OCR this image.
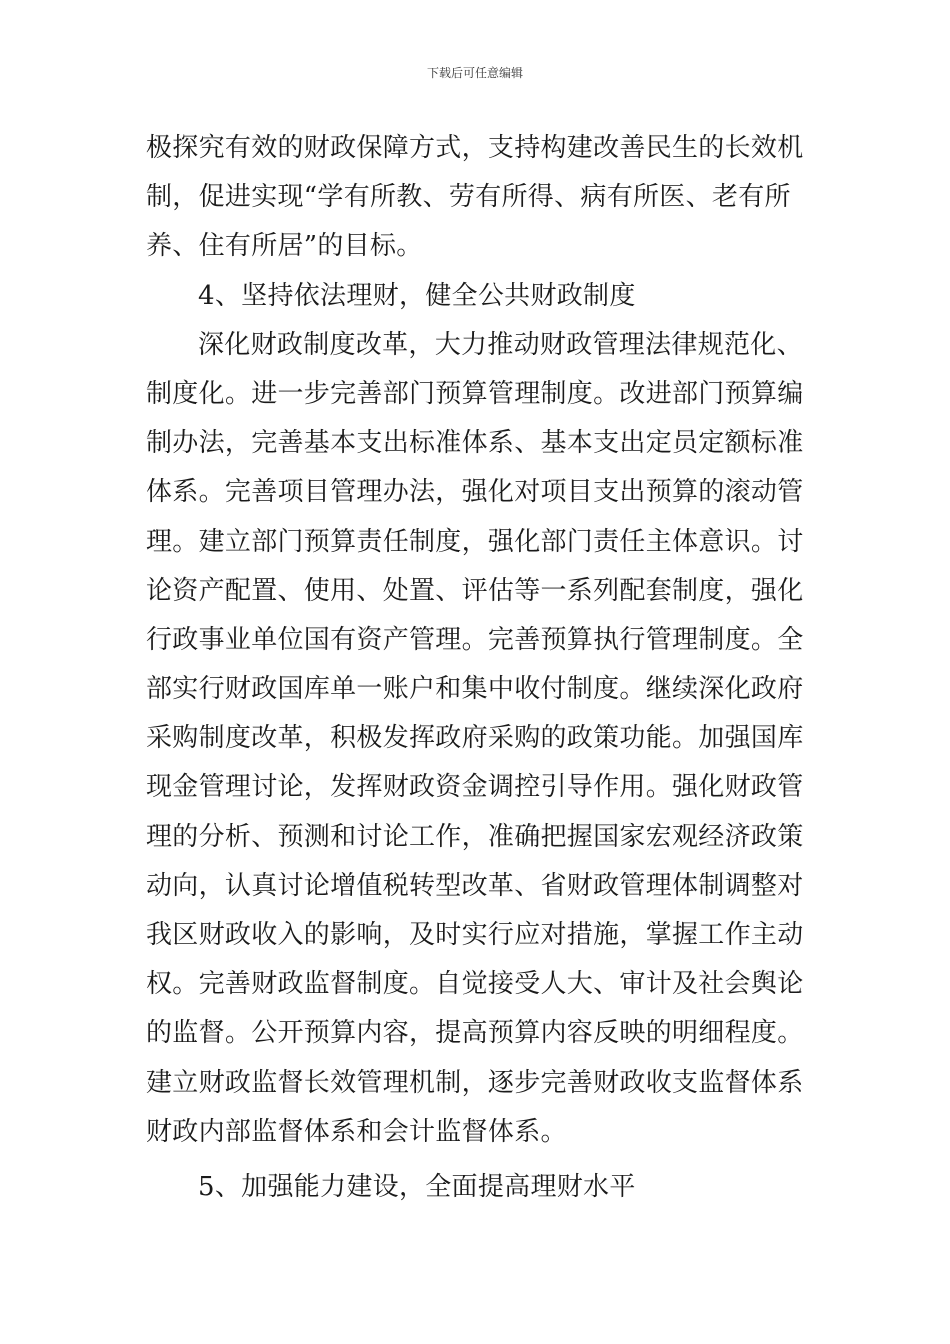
下载后可任意编辑
极探究有效的财政保障方式，支持构建改善民生的长效机
制，促进实现“学有所教、劳有所得、病有所医、老有所
养、住有所居”的目标。
4、坚持依法理财，健全公共财政制度
深化财政制度改革，大力推动财政管理法律规范化、
制度化。进一步完善部门预算管理制度。改进部门预算编
制办法，完善基本支出标准体系、基本支出定员定额标准
体系。完善项目管理办法，强化对项目支出预算的滚动管
理。建立部门预算责任制度，强化部门责任主体意识。讨
论资产配置、使用、处置、评估等一系列配套制度，强化
行政事业单位国有资产管理。完善预算执行管理制度。全
部实行财政国库单一账户和集中收付制度。继续深化政府
采购制度改革，积极发挥政府采购的政策功能。加强国库
现金管理讨论，发挥财政资金调控引导作用。强化财政管
理的分析、预测和讨论工作，准确把握国家宏观经济政策
动向，认真讨论增值税转型改革、省财政管理体制调整对
我区财政收入的影响，及时实行应对措施，掌握工作主动
权。完善财政监督制度。自觉接受人大、审计及社会舆论
的监督。公开预算内容，提高预算内容反映的明细程度。
建立财政监督长效管理机制，逐步完善财政收支监督体系
财政内部监督体系和会计监督体系。
5、加强能力建设，全面提高理财水平
